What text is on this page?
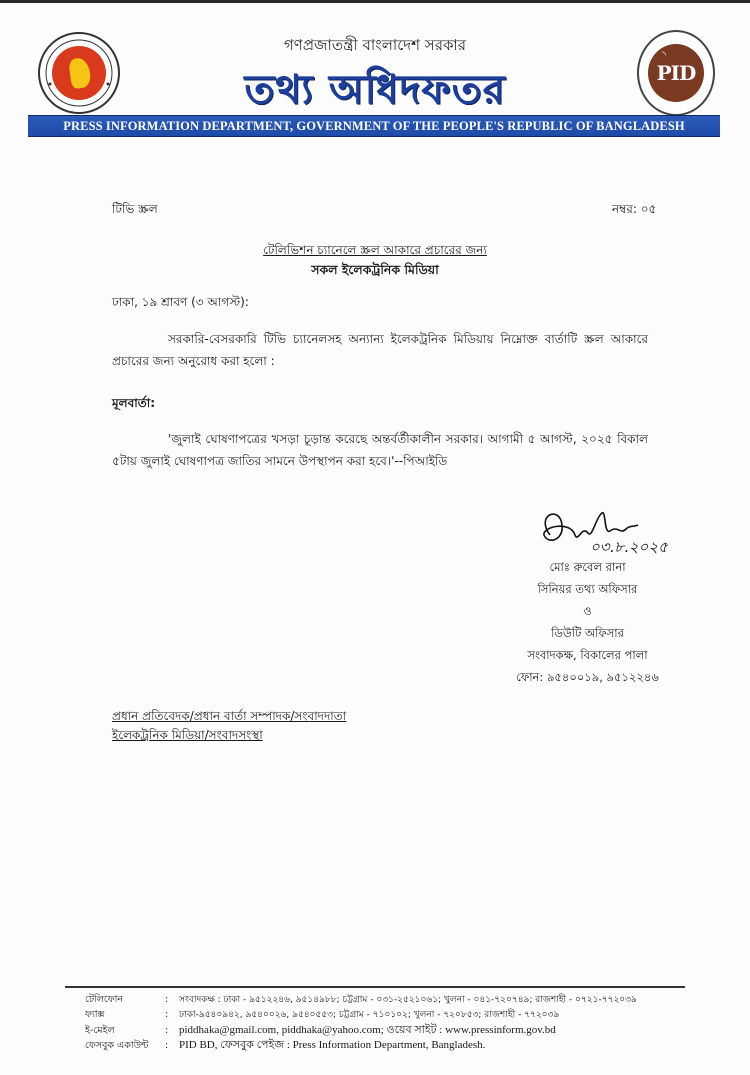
গণপ্রজাতন্ত্রী বাংলাদেশ সরকার
তথ্য অধিদফতর
◝
PID
PRESS INFORMATION DEPARTMENT, GOVERNMENT OF THE PEOPLE'S REPUBLIC OF BANGLADESH
টিভি স্ক্রল	নম্বর: ০৫
টেলিভিশন চ্যানেলে স্ক্রল আকারে প্রচারের জন্য
সকল ইলেকট্রনিক মিডিয়া
ঢাকা, ১৯ শ্রাবণ (৩ আগস্ট):
সরকারি-বেসরকারি টিভি চ্যানেলসহ অন্যান্য ইলেকট্রনিক মিডিয়ায় নিম্নোক্ত বার্তাটি স্ক্রল আকারে প্রচারের জন্য অনুরোধ করা হলো :
মূলবার্তা:
'জুলাই ঘোষণাপত্রের খসড়া চূড়ান্ত করেছে অন্তর্বর্তীকালীন সরকার। আগামী ৫ আগস্ট, ২০২৫ বিকাল ৫টায় জুলাই ঘোষণাপত্র জাতির সামনে উপস্থাপন করা হবে।'--পিআইডি
০৩.৮.২০২৫
মোঃ রুবেল রানা
সিনিয়র তথ্য অফিসার
ও
ডিউটি অফিসার
সংবাদকক্ষ, বিকালের পালা
ফোন: ৯৫৪০০১৯, ৯৫১২২৪৬
প্রধান প্রতিবেদক/প্রধান বার্তা সম্পাদক/সংবাদদাতা
ইলেকট্রনিক মিডিয়া/সংবাদসংস্থা
টেলিফোন	: সংবাদকক্ষ : ঢাকা - ৯৫১২২৪৬, ৯৫১৪৯৮৮; চট্টগ্রাম - ০৩১-২৫২১০৬১; খুলনা - ০৪১-৭২০৭৪৯; রাজশাহী - ০৭২১-৭৭২০৩৯
ফ্যাক্স	: ঢাকা-৯৫৪০৯৪২, ৯৫৪০০২৬, ৯৫৪০৫৫৩; চট্টগ্রাম - ৭১০১০২; খুলনা - ৭২০৮৫৩; রাজশাহী - ৭৭২০৩৯
ই-মেইল	: piddhaka@gmail.com, piddhaka@yahoo.com; ওয়েব সাইট : www.pressinform.gov.bd
ফেসবুক একাউন্ট : PID BD, ফেসবুক পেইজ : Press Information Department, Bangladesh.
